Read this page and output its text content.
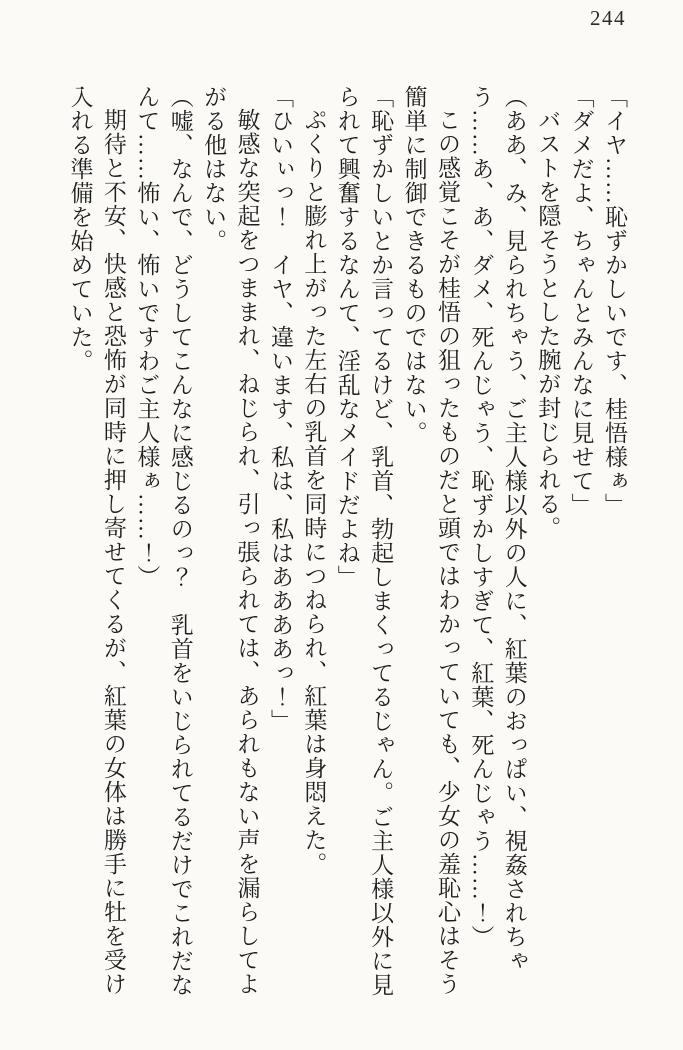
244

「イヤ……恥ずかしいです、桂悟様ぁ」

「ダメだよ、ちゃんとみんなに見せて」

バストを隠そうとした腕が封じられる。

（ああ、み、見られちゃう、ご主人様以外の人に、紅葉のおっぱい、視姦されちゃう……あ、あ、ダメ、死んじゃう、恥ずかしすぎて、紅葉、死んじゃう……！）

この感覚こそが桂悟の狙ったものだと頭ではわかっていても、少女の羞恥心はそう簡単に制御できるものではない。

「恥ずかしいとか言ってるけど、乳首、勃起しまくってるじゃん。ご主人様以外に見られて興奮するなんて、淫乱なメイドだよね」

ぷくりと膨れ上がった左右の乳首を同時につねられ、紅葉は身悶えた。

「ひいぃっ！　イヤ、違います、私は、私はああああっ！」

敏感な突起をつままれ、ねじられ、引っ張られては、あられもない声を漏らしてよがる他はない。

（嘘、なんで、どうしてこんなに感じるのっ？　乳首をいじられてるだけでこれだなんて……怖い、怖いですわご主人様ぁ……！）

期待と不安、快感と恐怖が同時に押し寄せてくるが、紅葉の女体は勝手に牡を受け入れる準備を始めていた。
